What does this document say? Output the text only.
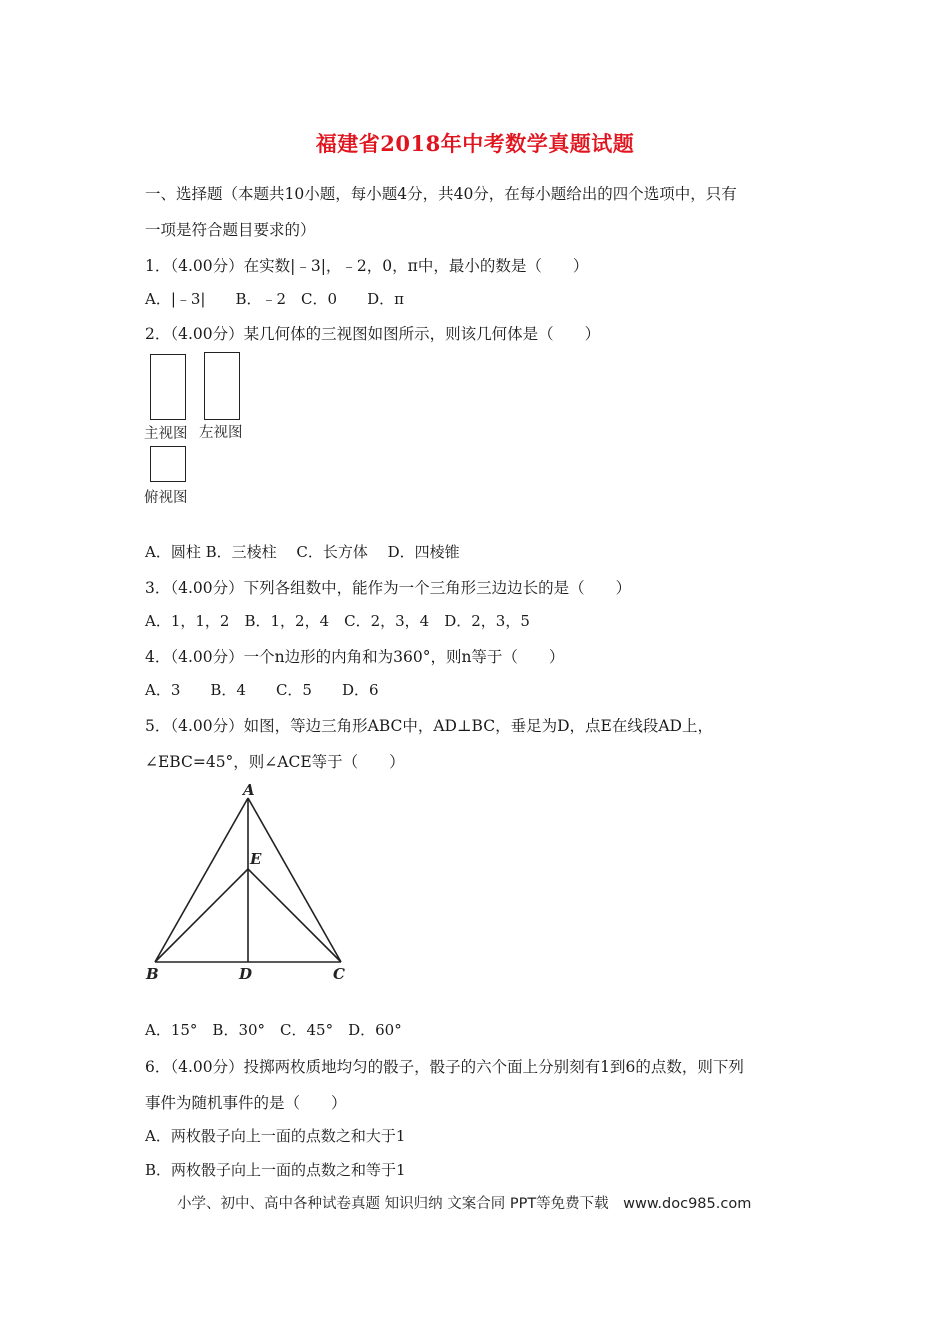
福建省2018年中考数学真题试题
一、选择题（本题共10小题，每小题4分，共40分，在每小题给出的四个选项中，只有
一项是符合题目要求的）
1．（4.00分）在实数|﹣3|，﹣2，0，π中，最小的数是（　　）
A．|﹣3|　　B．﹣2　C．0　　D．π
2．（4.00分）某几何体的三视图如图所示，则该几何体是（　　）
主视图 左视图
俯视图
A．圆柱 B．三棱柱　 C．长方体　 D．四棱锥
3．（4.00分）下列各组数中，能作为一个三角形三边边长的是（　　）
A．1，1，2　B．1，2，4　C．2，3，4　D．2，3，5
4．（4.00分）一个n边形的内角和为360°，则n等于（　　）
A．3　　B．4　　C．5　　D．6
5．（4.00分）如图，等边三角形ABC中，AD⊥BC，垂足为D，点E在线段AD上，
∠EBC=45°，则∠ACE等于（　　）
A
E
B	D	C
A．15°　B．30°　C．45°　D．60°
6．（4.00分）投掷两枚质地均匀的骰子，骰子的六个面上分别刻有1到6的点数，则下列
事件为随机事件的是（　　）
A．两枚骰子向上一面的点数之和大于1
B．两枚骰子向上一面的点数之和等于1
小学、初中、高中各种试卷真题 知识归纳 文案合同 PPT等免费下载　www.doc985.com
